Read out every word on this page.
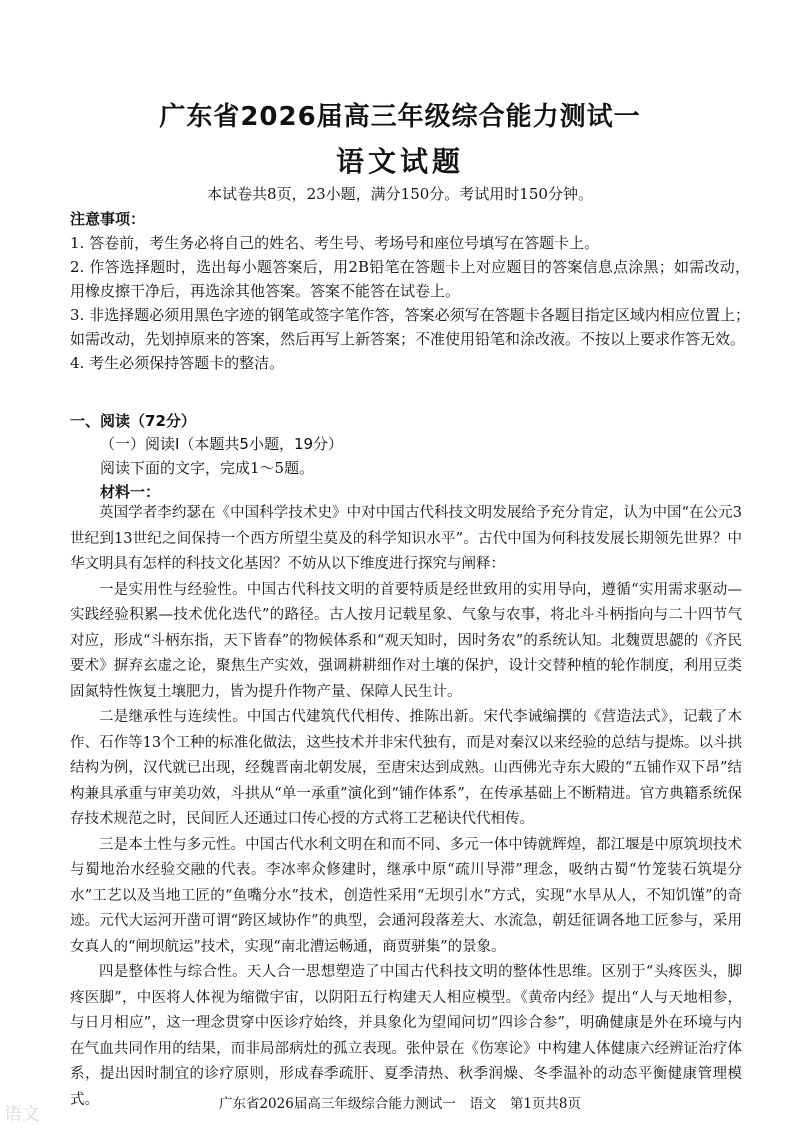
广东省2026届高三年级综合能力测试一
语文试题
本试卷共8页，23小题，满分150分。考试用时150分钟。
注意事项：
1. 答卷前，考生务必将自己的姓名、考生号、考场号和座位号填写在答题卡上。
2. 作答选择题时，选出每小题答案后，用2B铅笔在答题卡上对应题目的答案信息点涂黑；如需改动，用橡皮擦干净后，再选涂其他答案。答案不能答在试卷上。
3. 非选择题必须用黑色字迹的钢笔或签字笔作答，答案必须写在答题卡各题目指定区域内相应位置上；如需改动，先划掉原来的答案，然后再写上新答案；不准使用铅笔和涂改液。不按以上要求作答无效。
4. 考生必须保持答题卡的整洁。
一、阅读（72分）
（一）阅读Ⅰ（本题共5小题，19分）
阅读下面的文字，完成1～5题。
材料一：

英国学者李约瑟在《中国科学技术史》中对中国古代科技文明发展给予充分肯定，认为中国“在公元3世纪到13世纪之间保持一个西方所望尘莫及的科学知识水平”。古代中国为何科技发展长期领先世界？中华文明具有怎样的科技文化基因？不妨从以下维度进行探究与阐释：

一是实用性与经验性。中国古代科技文明的首要特质是经世致用的实用导向，遵循“实用需求驱动—实践经验积累—技术优化迭代”的路径。古人按月记载星象、气象与农事，将北斗斗柄指向与二十四节气对应，形成“斗柄东指，天下皆春”的物候体系和“观天知时，因时务农”的系统认知。北魏贾思勰的《齐民要术》摒弃玄虚之论，聚焦生产实效，强调耕耕细作对土壤的保护，设计交替种植的轮作制度，利用豆类固氮特性恢复土壤肥力，皆为提升作物产量、保障人民生计。

二是继承性与连续性。中国古代建筑代代相传、推陈出新。宋代李诫编撰的《营造法式》，记载了木作、石作等13个工种的标准化做法，这些技术并非宋代独有，而是对秦汉以来经验的总结与提炼。以斗拱结构为例，汉代就已出现，经魏晋南北朝发展，至唐宋达到成熟。山西佛光寺东大殿的“五铺作双下昂”结构兼具承重与审美功效，斗拱从“单一承重”演化到“铺作体系”，在传承基础上不断精进。官方典籍系统保存技术规范之时，民间匠人还通过口传心授的方式将工艺秘诀代代相传。

三是本土性与多元性。中国古代水利文明在和而不同、多元一体中铸就辉煌，都江堰是中原筑坝技术与蜀地治水经验交融的代表。李冰率众修建时，继承中原“疏川导滞”理念，吸纳古蜀“竹笼装石筑堤分水”工艺以及当地工匠的“鱼嘴分水”技术，创造性采用“无坝引水”方式，实现“水旱从人，不知饥馑”的奇迹。元代大运河开凿可谓“跨区域协作”的典型，会通河段落差大、水流急，朝廷征调各地工匠参与，采用女真人的“闸坝航运”技术，实现“南北漕运畅通，商贾骈集”的景象。

四是整体性与综合性。天人合一思想塑造了中国古代科技文明的整体性思维。区别于“头疼医头，脚疼医脚”，中医将人体视为缩微宇宙，以阴阳五行构建天人相应模型。《黄帝内经》提出“人与天地相参，与日月相应”，这一理念贯穿中医诊疗始终，并具象化为望闻问切“四诊合参”，明确健康是外在环境与内在气血共同作用的结果，而非局部病灶的孤立表现。张仲景在《伤寒论》中构建人体健康六经辨证治疗体系，提出因时制宜的诊疗原则，形成春季疏肝、夏季清热、秋季润燥、冬季温补的动态平衡健康管理模式。	广东省2026届高三年级综合能力测试一　语文　第1页共8页
语文
